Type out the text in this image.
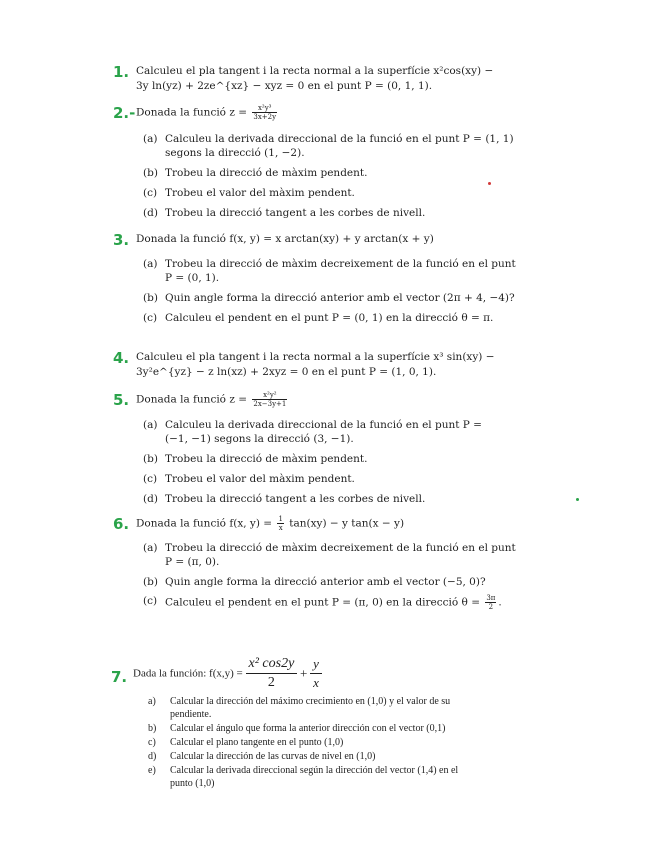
1. Calculeu el pla tangent i la recta normal a la superfície x²cos(xy) −
3y ln(yz) + 2ze^{xz} − xyz = 0 en el punt P = (0, 1, 1).
2.- Donada la funció $z = \frac{\text{x²y³}}{3x+2y}$
(a) Calculeu la derivada direccional de la funció en el punt P = (1, 1)
segons la direcció (1, −2).
(b) Trobeu la direcció de màxim pendent.
(c) Trobeu el valor del màxim pendent.
(d) Trobeu la direcció tangent a les corbes de nivell.
3. Donada la funció f(x, y) = x arctan(xy) + y arctan(x + y)
(a) Trobeu la direcció de màxim decreixement de la funció en el punt
P = (0, 1).
(b) Quin angle forma la direcció anterior amb el vector (2π + 4, −4)?
(c) Calculeu el pendent en el punt P = (0, 1) en la direcció θ = π.
4. Calculeu el pla tangent i la recta normal a la superfície x³ sin(xy) −
3y²e^{yz} − z ln(xz) + 2xyz = 0 en el punt P = (1, 0, 1).
5. Donada la funció $z = \frac{\text{x²y²}}{2x-3y+1}$
(a) Calculeu la derivada direccional de la funció en el punt P =
(−1, −1) segons la direcció (3, −1).
(b) Trobeu la direcció de màxim pendent.
(c) Trobeu el valor del màxim pendent.
(d) Trobeu la direcció tangent a les corbes de nivell.
6. Donada la funció f(x, $y) = \frac{1}{x} \tan(xy) - y$ tan(x − y)
(a) Trobeu la direcció de màxim decreixement de la funció en el punt
P = (π, 0).
(b) Quin angle forma la direcció anterior amb el vector (−5, 0)?
(c) Calculeu el pendent en el punt P = (π, 0) en la direcció $\theta = \frac{3\pi}{2}$ .
7. Dada la función: $f(x,y) = \frac{\text{x² cos2y}}{2} + \frac{y}{x}$
a) Calcular la dirección del máximo crecimiento en (1,0) y el valor de su
pendiente.
b) Calcular el ángulo que forma la anterior dirección con el vector (0,1)
c) Calcular el plano tangente en el punto (1,0)
d) Calcular la dirección de las curvas de nivel en (1,0)
e) Calcular la derivada direccional según la dirección del vector (1,4) en el
punto (1,0)
